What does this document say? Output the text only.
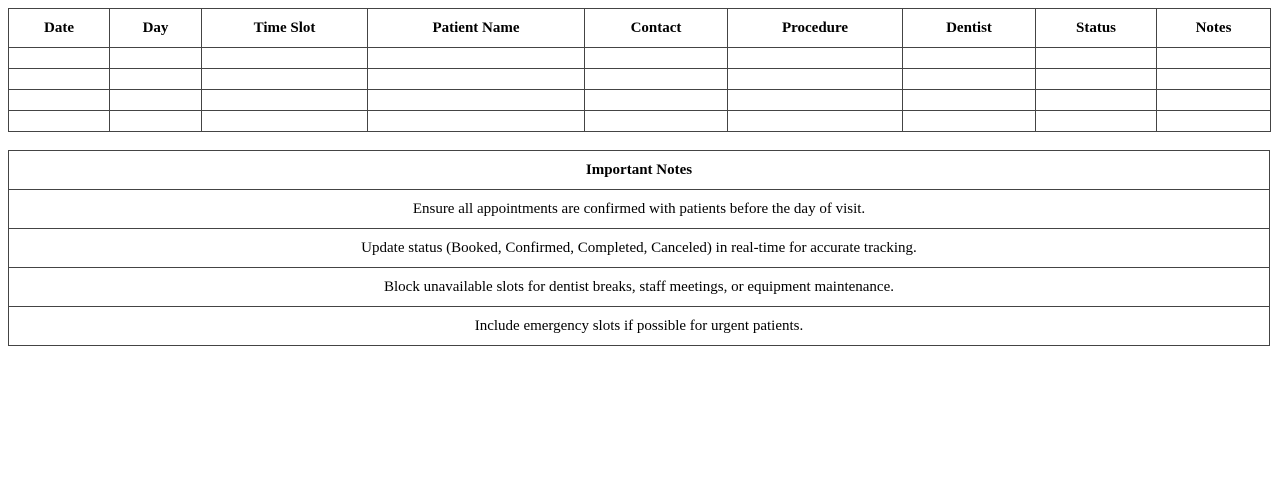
Date	Day	Time Slot	Patient Name	Contact	Procedure	Dentist	Status	Notes

Important Notes
Ensure all appointments are confirmed with patients before the day of visit.
Update status (Booked, Confirmed, Completed, Canceled) in real-time for accurate tracking.
Block unavailable slots for dentist breaks, staff meetings, or equipment maintenance.
Include emergency slots if possible for urgent patients.
